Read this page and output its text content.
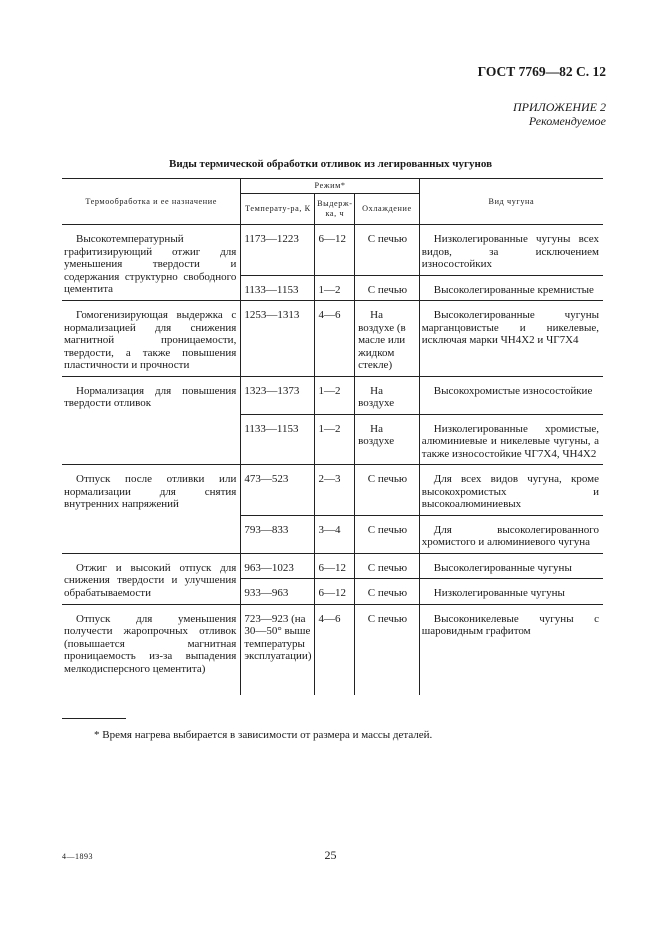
ГОСТ 7769—82 С. 12
ПРИЛОЖЕНИЕ 2
Рекомендуемое
Виды термической обработки отливок из легированных чугунов
Термообработка и ее назначение	Режим*			Вид чугуна
	Температу-ра, К	Выдерж-ка, ч	Охлаждение	
Высокотемпературный графитизирующий отжиг для уменьшения твердости и содержания структурно свободного цементита	1173—1223	6—12	С печью	Низколегированные чугуны всех видов, за исключением износостойких
	1133—1153	1—2	С печью	Высоколегированные кремнистые
Гомогенизирующая выдержка с нормализацией для снижения магнитной проницаемости, твердости, а также повышения пластичности и прочности	1253—1313	4—6	На воздухе (в масле или жидком стекле)	Высоколегированные чугуны марганцовистые и никелевые, исключая марки ЧН4Х2 и ЧГ7Х4
Нормализация для повышения твердости отливок	1323—1373	1—2	На воздухе	Высокохромистые износостойкие
	1133—1153	1—2	На воздухе	Низколегированные хромистые, алюминиевые и никелевые чугуны, а также износостойкие ЧГ7Х4, ЧН4Х2
Отпуск после отливки или нормализации для снятия внутренних напряжений	473—523	2—3	С печью	Для всех видов чугуна, кроме высокохромистых и высокоалюминиевых
	793—833	3—4	С печью	Для высоколегированного хромистого и алюминиевого чугуна
Отжиг и высокий отпуск для снижения твердости и улучшения обрабатываемости	963—1023	6—12	С печью	Высоколегированные чугуны
	933—963	6—12	С печью	Низколегированные чугуны
Отпуск для уменьшения получести жаропрочных отливок (повышается магнитная проницаемость из-за выпадения мелкодисперсного цементита)	723—923 (на 30—50° выше температуры эксплуатации)	4—6	С печью	Высоконикелевые чугуны с шаровидным графитом
* Время нагрева выбирается в зависимости от размера и массы деталей.
4—1893	25
